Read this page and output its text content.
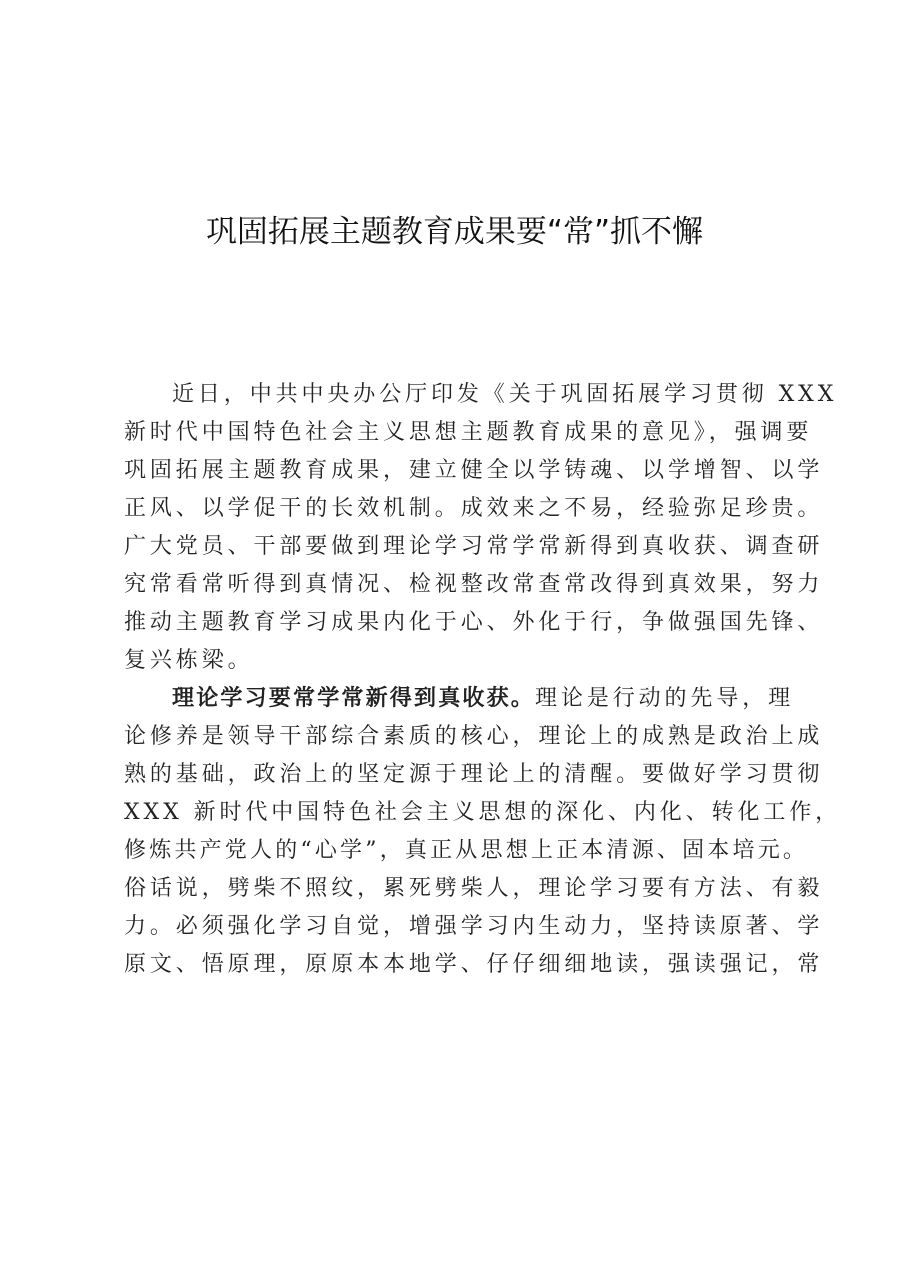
巩固拓展主题教育成果要“常”抓不懈
近日，中共中央办公厅印发《关于巩固拓展学习贯彻 XXX
新时代中国特色社会主义思想主题教育成果的意见》，强调要
巩固拓展主题教育成果，建立健全以学铸魂、以学增智、以学
正风、以学促干的长效机制。成效来之不易，经验弥足珍贵。
广大党员、干部要做到理论学习常学常新得到真收获、调查研
究常看常听得到真情况、检视整改常查常改得到真效果，努力
推动主题教育学习成果内化于心、外化于行，争做强国先锋、
复兴栋梁。
理论学习要常学常新得到真收获。理论是行动的先导，理
论修养是领导干部综合素质的核心，理论上的成熟是政治上成
熟的基础，政治上的坚定源于理论上的清醒。要做好学习贯彻
XXX 新时代中国特色社会主义思想的深化、内化、转化工作，
修炼共产党人的“心学”，真正从思想上正本清源、固本培元。
俗话说，劈柴不照纹，累死劈柴人，理论学习要有方法、有毅
力。必须强化学习自觉，增强学习内生动力，坚持读原著、学
原文、悟原理，原原本本地学、仔仔细细地读，强读强记，常
